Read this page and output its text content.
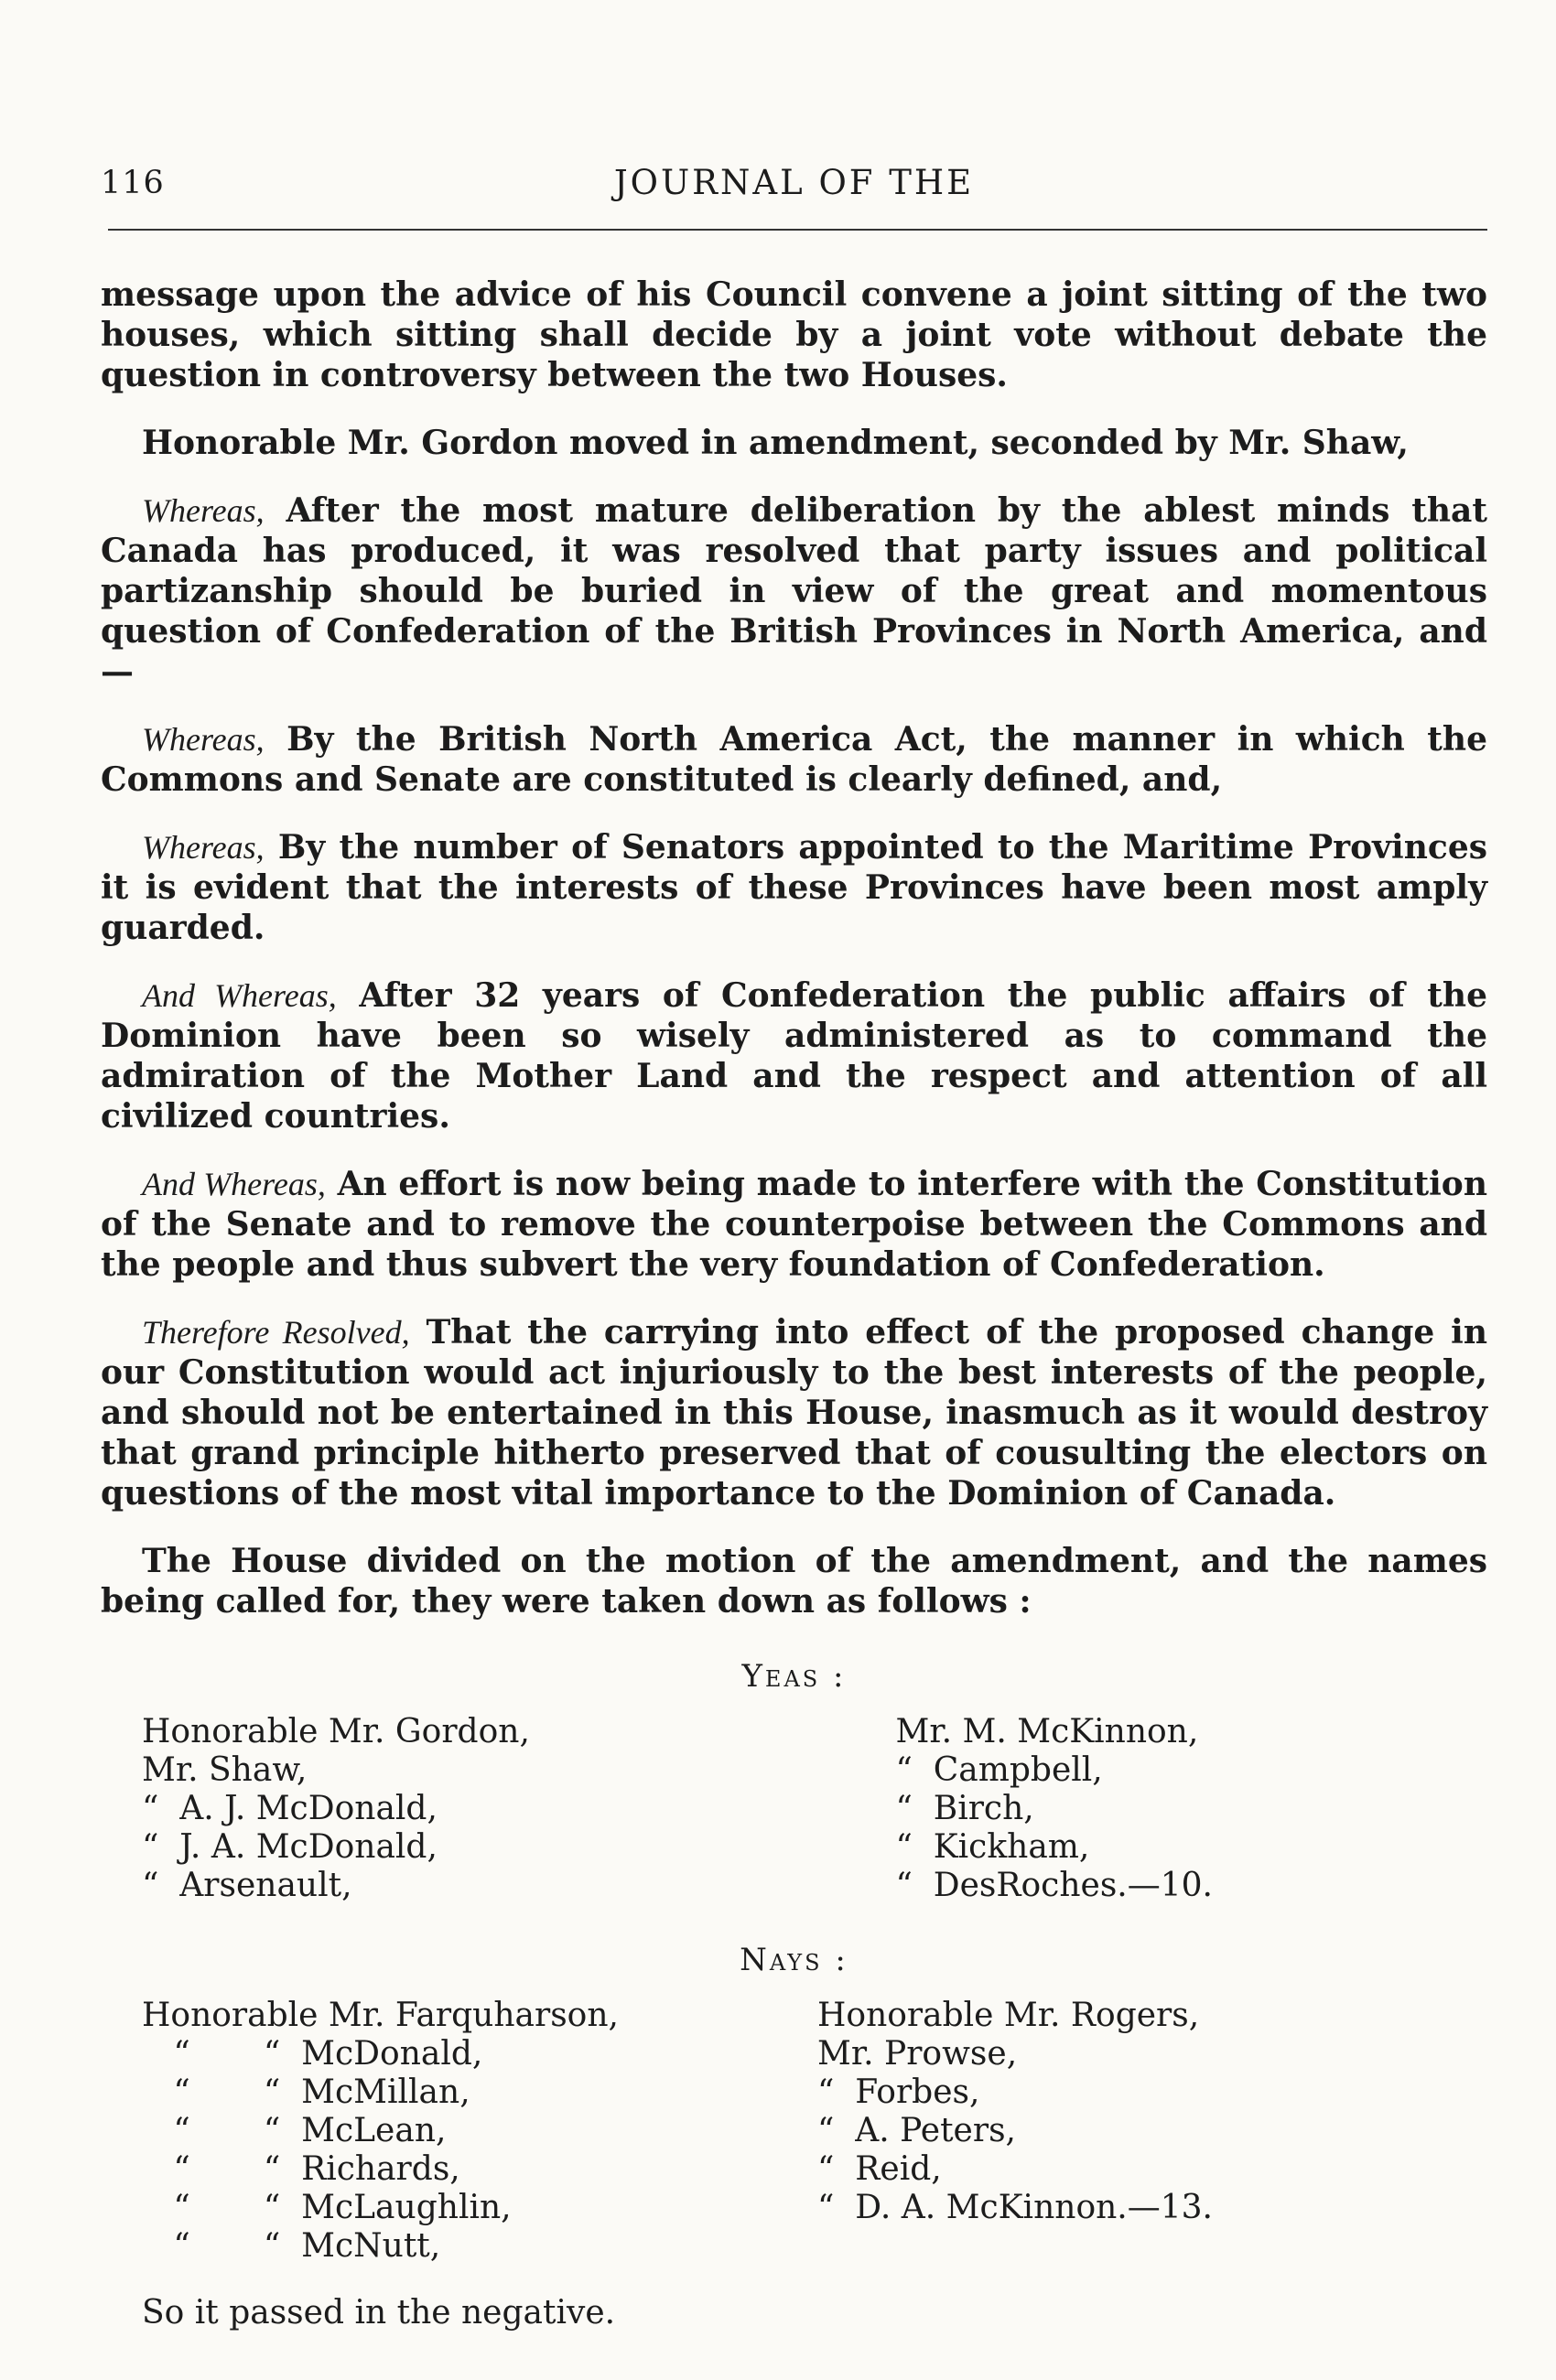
116	JOURNAL OF THE

message upon the advice of his Council convene a joint sitting of the two houses, which sitting shall decide by a joint vote without debate the question in controversy between the two Houses.

Honorable Mr. Gordon moved in amendment, seconded by Mr. Shaw,

Whereas, After the most mature deliberation by the ablest minds that Canada has produced, it was resolved that party issues and political partizanship should be buried in view of the great and momentous question of Confederation of the British Provinces in North America, and—

Whereas, By the British North America Act, the manner in which the Commons and Senate are constituted is clearly defined, and,

Whereas, By the number of Senators appointed to the Maritime Provinces it is evident that the interests of these Provinces have been most amply guarded.

And Whereas, After 32 years of Confederation the public affairs of the Dominion have been so wisely administered as to command the admiration of the Mother Land and the respect and attention of all civilized countries.

And Whereas, An effort is now being made to interfere with the Constitution of the Senate and to remove the counterpoise between the Commons and the people and thus subvert the very foundation of Confederation.

Therefore Resolved, That the carrying into effect of the proposed change in our Constitution would act injuriously to the best interests of the people, and should not be entertained in this House, inasmuch as it would destroy that grand principle hitherto preserved that of cousulting the electors on questions of the most vital importance to the Dominion of Canada.

The House divided on the motion of the amendment, and the names being called for, they were taken down as follows :

Yeas :
Honorable Mr. Gordon,
Mr. Shaw,
“  A. J. McDonald,
“  J. A. McDonald,
“  Arsenault,
Mr. M. McKinnon,
“  Campbell,
“  Birch,
“  Kickham,
“  DesRoches.—10.
Nays :
Honorable Mr. Farquharson,
“       “  McDonald,
“       “  McMillan,
“       “  McLean,
“       “  Richards,
“       “  McLaughlin,
“       “  McNutt,
Honorable Mr. Rogers,
Mr. Prowse,
“  Forbes,
“  A. Peters,
“  Reid,
“  D. A. McKinnon.—13.
So it passed in the negative.
